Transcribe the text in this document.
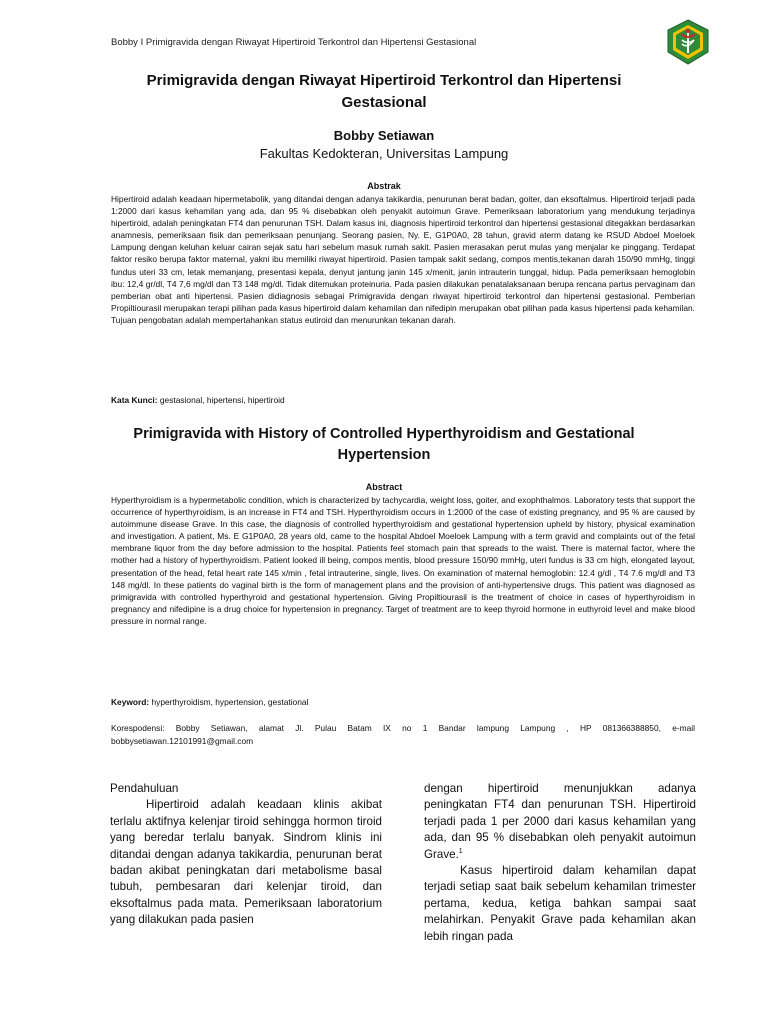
Bobby I Primigravida dengan Riwayat Hipertiroid Terkontrol dan Hipertensi Gestasional
Primigravida dengan Riwayat Hipertiroid Terkontrol dan Hipertensi Gestasional
Bobby Setiawan
Fakultas Kedokteran, Universitas Lampung
Abstrak
Hipertiroid adalah keadaan hipermetabolik, yang ditandai dengan adanya takikardia, penurunan berat badan, goiter, dan eksoftalmus. Hipertiroid terjadi pada 1:2000 dari kasus kehamilan yang ada, dan 95 % disebabkan oleh penyakit autoimun Grave. Pemeriksaan laboratorium yang mendukung terjadinya hipertiroid, adalah peningkatan FT4 dan penurunan TSH. Dalam kasus ini, diagnosis hipertiroid terkontrol dan hipertensi gestasional ditegakkan berdasarkan anamnesis, pemeriksaan fisik dan pemeriksaan penunjang. Seorang pasien, Ny. E, G1P0A0, 28 tahun, gravid aterm datang ke RSUD Abdoel Moeloek Lampung dengan keluhan keluar cairan sejak satu hari sebelum masuk rumah sakit. Pasien merasakan perut mulas yang menjalar ke pinggang. Terdapat faktor resiko berupa faktor maternal, yakni ibu memiliki riwayat hipertiroid. Pasien tampak sakit sedang, compos mentis,tekanan darah 150/90 mmHg, tinggi fundus uteri 33 cm, letak memanjang, presentasi kepala, denyut jantung janin 145 x/menit, janin intrauterin tunggal, hidup. Pada pemeriksaan hemoglobin ibu: 12,4 gr/dl, T4 7,6 mg/dl dan T3 148 mg/dl. Tidak ditemukan proteinuria. Pada pasien dilakukan penatalaksanaan berupa rencana partus pervaginam dan pemberian obat anti hipertensi. Pasien didiagnosis sebagai Primigravida dengan riwayat hipertiroid terkontrol dan hipertensi gestasional. Pemberian Propiltiourasil merupakan terapi pilihan pada kasus hipertiroid dalam kehamilan dan nifedipin merupakan obat pilihan pada kasus hipertensi pada kehamilan. Tujuan pengobatan adalah mempertahankan status eutiroid dan menurunkan tekanan darah.
Kata Kunci: gestasional, hipertensi, hipertiroid
Primigravida with History of Controlled Hyperthyroidism and Gestational Hypertension
Abstract
Hyperthyroidism is a hypermetabolic condition, which is characterized by tachycardia, weight loss, goiter, and exophthalmos. Laboratory tests that support the occurrence of hyperthyroidism, is an increase in FT4 and TSH. Hyperthyroidism occurs in 1:2000 of the case of existing pregnancy, and 95 % are caused by autoimmune disease Grave. In this case, the diagnosis of controlled hyperthyroidism and gestational hypertension upheld by history, physical examination and investigation. A patient, Ms. E G1P0A0, 28 years old, came to the hospital Abdoel Moeloek Lampung with a term gravid and complaints out of the fetal membrane liquor from the day before admission to the hospital. Patients feel stomach pain that spreads to the waist. There is maternal factor, where the mother had a history of hyperthyroidism. Patient looked ill being, compos mentis, blood pressure 150/90 mmHg, uteri fundus is 33 cm high, elongated layout, presentation of the head, fetal heart rate 145 x/min , fetal intrauterine, single, lives. On examination of maternal hemoglobin: 12.4 g/dl , T4 7.6 mg/dl and T3 148 mg/dl. In these patients do vaginal birth is the form of management plans and the provision of anti-hypertensive drugs. This patient was diagnosed as primigravida with controlled hyperthyroid and gestational hypertension. Giving Propiltiourasil is the treatment of choice in cases of hyperthyroidism in pregnancy and nifedipine is a drug choice for hypertension in pregnancy. Target of treatment are to keep thyroid hormone in euthyroid level and make blood pressure in normal range.
Keyword: hyperthyroidism, hypertension, gestational
Korespodensi: Bobby Setiawan, alamat Jl. Pulau Batam IX no 1 Bandar lampung Lampung , HP 081366388850, e-mail bobbysetiawan.12101991@gmail.com

Pendahuluan

Hipertiroid adalah keadaan klinis akibat terlalu aktifnya kelenjar tiroid sehingga hormon tiroid yang beredar terlalu banyak. Sindrom klinis ini ditandai dengan adanya takikardia, penurunan berat badan akibat peningkatan dari metabolisme basal tubuh, pembesaran dari kelenjar tiroid, dan eksoftalmus pada mata. Pemeriksaan laboratorium yang dilakukan pada pasien

dengan hipertiroid menunjukkan adanya peningkatan FT4 dan penurunan TSH. Hipertiroid terjadi pada 1 per 2000 dari kasus kehamilan yang ada, dan 95 % disebabkan oleh penyakit autoimun Grave.$^1$

Kasus hipertiroid dalam kehamilan dapat terjadi setiap saat baik sebelum kehamilan trimester pertama, kedua, ketiga bahkan sampai saat melahirkan. Penyakit Grave pada kehamilan akan lebih ringan pada
